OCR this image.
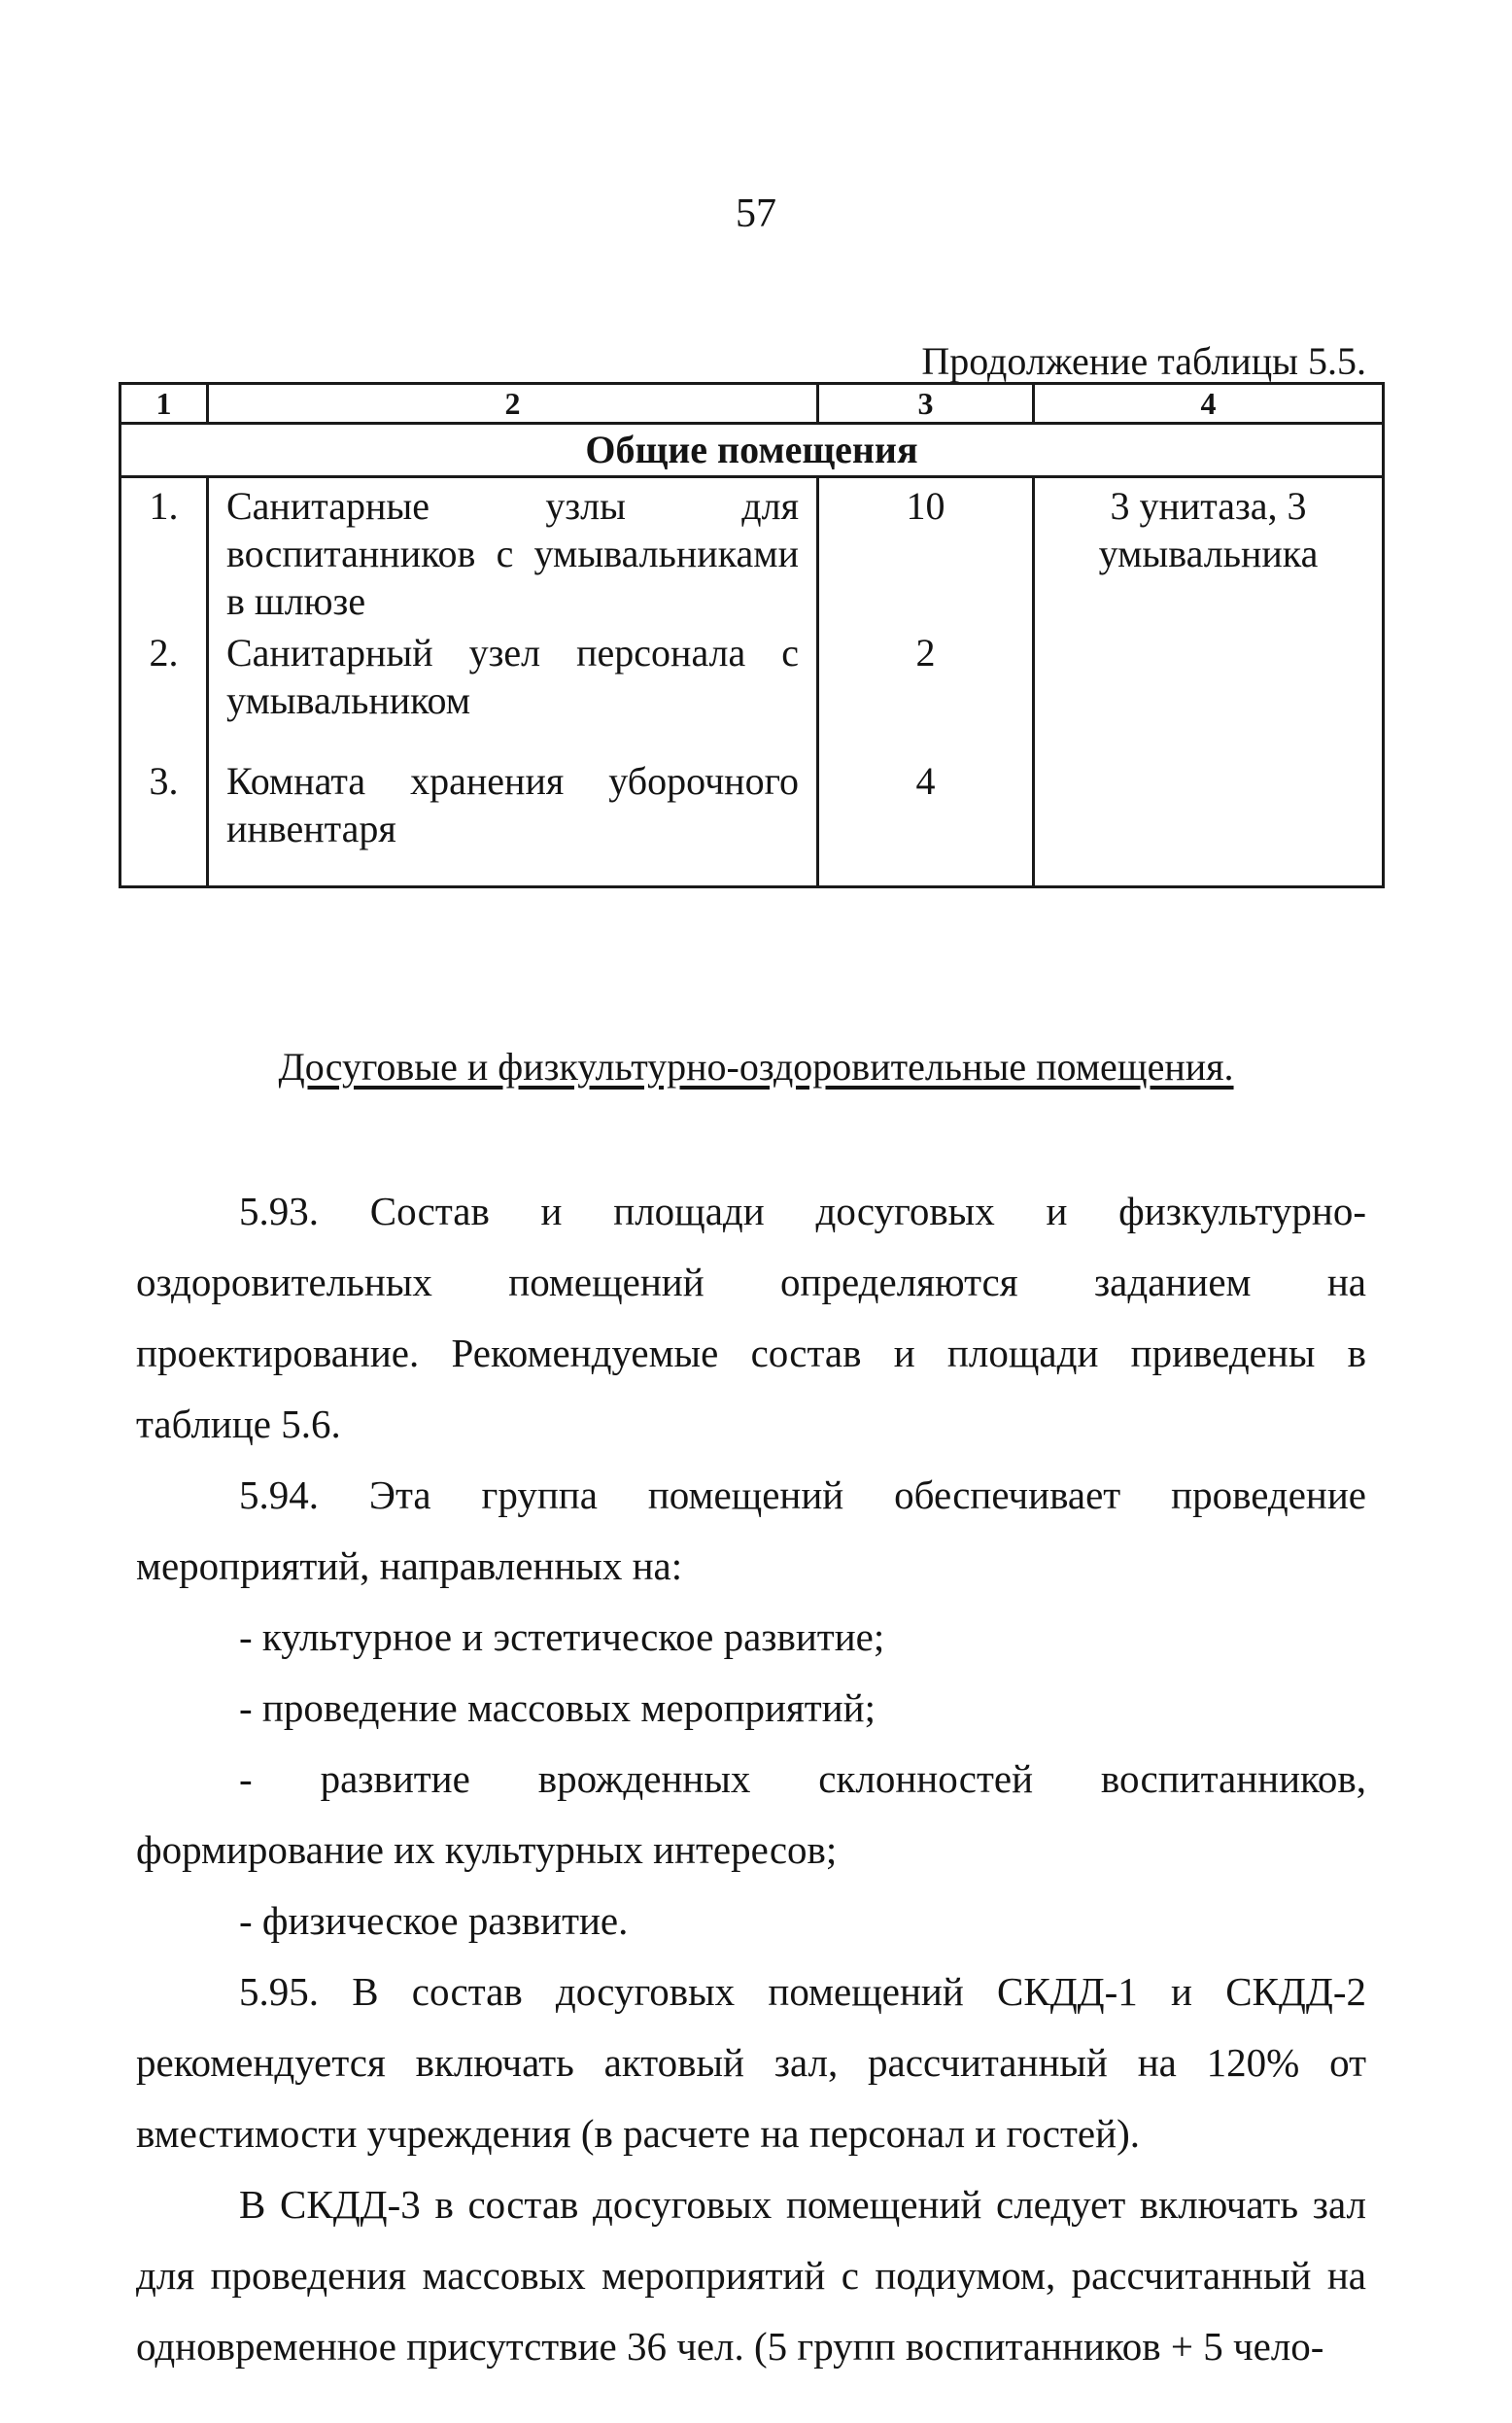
57
Продолжение таблицы 5.5.
1	2	3	4
Общие помещения			
1.	Санитарные узлы для воспитанников с умывальниками в шлюзе	10	3 унитаза, 3 умывальника
2.	Санитарный узел персонала с умывальником	2	
3.	Комната хранения уборочного инвентаря	4	
Досуговые и физкультурно-оздоровительные помещения.

5.93. Состав и площади досуговых и физкультурно-оздоровительных помещений определяются заданием на проектирование. Рекомендуемые состав и площади приведены в таблице 5.6.

5.94. Эта группа помещений обеспечивает проведение мероприятий, направленных на:

- культурное и эстетическое развитие;

- проведение массовых мероприятий;

- развитие врожденных склонностей воспитанников, формирование их культурных интересов;

- физическое развитие.

5.95. В состав досуговых помещений СКДД-1 и СКДД-2 рекомендуется включать актовый зал, рассчитанный на 120% от вместимости учреждения (в расчете на персонал и гостей).

В СКДД-3 в состав досуговых помещений следует включать зал для проведения массовых мероприятий с подиумом, рассчитанный на одновременное присутствие 36 чел. (5 групп воспитанников + 5 чело-
